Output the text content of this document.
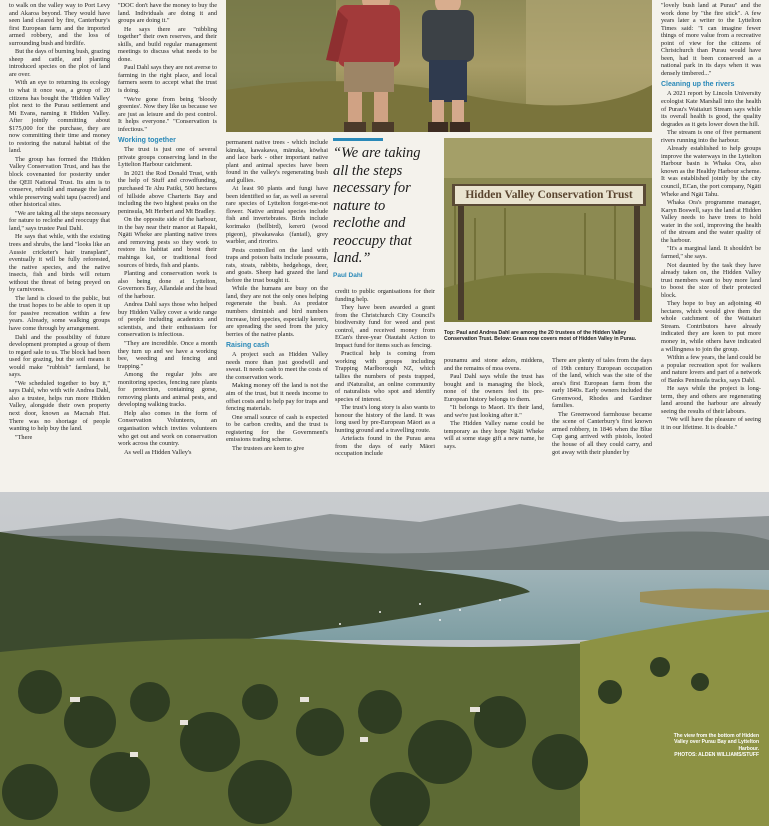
to walk on the valley way to Port Levy and Akaroa beyond. They would have seen land cleared by fire, Canterbury's first European farm and the imported armed robbery, and the loss of surrounding bush and birdlife.

But the days of burning bush, grazing sheep and cattle, and planting introduced species on the plot of land are over.

With an eye to returning its ecology to what it once was, a group of 20 citizens has bought the 'Hidden Valley' plot next to the Purau settlement and Mt Evans, naming it Hidden Valley. After jointly committing about $175,000 for the purchase, they are now committing their time and money to restoring the natural habitat of the land.

The group has formed the Hidden Valley Conservation Trust, and has the block covenanted for posterity under the QEII National Trust. Its aim is to conserve, rebuild and manage the land while preserving wahi tapu (sacred) and other historical sites.

"We are taking all the steps necessary for nature to reclothe and reoccupy that land," says trustee Paul Dahl.

He says that while, with the existing trees and shrubs, the land "looks like an Aussie cricketer's hair transplant", eventually it will be fully reforested, the native species, and the native insects, fish and birds will return without the threat of being preyed on by carnivores.

The land is closed to the public, but the trust hopes to be able to open it up for passive recreation within a few years. Already, some walking groups have come through by arrangement.

Dahl and the possibility of future development prompted a group of them to regard sale to us. The block had been used for grazing, but the soil means it would make "rubbish" farmland, he says.

"We scheduled together to buy it," says Dahl, who with wife Andrea Dahl, also a trustee, helps run more Hidden Valley, alongside their own property next door, known as Macnab Hut. There was no shortage of people wanting to help buy the land.

"There

"DOC don't have the money to buy the land. Individuals are doing it and groups are doing it."

He says there are "nibbling together" their own reserves, and their skills, and build regular management meetings to discuss what needs to be done.

Paul Dahl says they are not averse to farming in the right place, and local farmers seem to accept what the trust is doing.

"We're gone from being 'bloody greenies'. Now they like us because we are just as leisure and do pest control. It helps everyone." "Conservation is infectious."

Working together

The trust is just one of several private groups conserving land in the Lyttelton Harbour catchment.

In 2021 the Rod Donald Trust, with the help of Stuff and crowdfunding, purchased Te Ahu Patiki, 500 hectares of hillside above Charteris Bay and including the two highest peaks on the peninsula, Mt Herbert and Mt Bradley.

On the opposite side of the harbour, in the bay near their manor at Rapaki, Ngāti Wheke are planting native trees and removing pests so they work to restore its habitat and boost their mahinga kai, or traditional food sources of birds, fish and plants.

Planting and conservation work is also being done at Lyttelton, Governors Bay, Allandale and the head of the harbour.

Andrea Dahl says those who helped buy Hidden Valley cover a wide range of people including academics and scientists, and their enthusiasm for conservation is infectious.

"They are incredible. Once a month they turn up and we have a working bee, weeding and fencing and trapping."

Among the regular jobs are monitoring species, fencing rare plants for protection, containing gorse, removing plants and animal pests, and developing walking tracks.

Help also comes in the form of Conservation Volunteers, an organisation which invites volunteers who get out and work on conservation work across the country.

As well as Hidden Valley's

permanent native trees - which include kānuka, kawakawa, mānuka, kōwhai and lace bark - other important native plant and animal species have been found in the valley's regenerating bush and gullies.

At least 90 plants and fungi have been identified so far, as well as several rare species of Lyttelton forget-me-not flower. Native animal species include fish and invertebrates. Birds include korimako (bellbird), kererū (wood pigeon), pīwakawaka (fantail), grey warbler, and riroriro.

Pests controlled on the land with traps and poison baits include possums, rats, stoats, rabbits, hedgehogs, deer, and goats. Sheep had grazed the land before the trust bought it.

While the humans are busy on the land, they are not the only ones helping regenerate the bush. As predator numbers diminish and bird numbers increase, bird species, especially kererū, are spreading the seed from the juicy berries of the native plants.

Raising cash

A project such as Hidden Valley needs more than just goodwill and sweat. It needs cash to meet the costs of the conservation work.

Making money off the land is not the aim of the trust, but it needs income to offset costs and to help pay for traps and fencing materials.

One small source of cash is expected to be carbon credits, and the trust is registering for the Government's emissions trading scheme.

The trustees are keen to give

credit to public organisations for their funding help.

They have been awarded a grant from the Christchurch City Council's biodiversity fund for weed and pest control, and received money from ECan's three-year Ōtautahi Action to Impact fund for items such as fencing.

Practical help is coming from working with groups including Trapping Marlborough NZ, which tallies the numbers of pests trapped, and iNaturalist, an online community of naturalists who spot and identify species of interest.

The trust's long story is also wants to honour the history of the land. It was long used by pre-European Māori as a hunting ground and a travelling route.

Artefacts found in the Purau area from the days of early Māori occupation include

pounamu and stone adzes, middens, and the remains of moa ovens.

Paul Dahl says while the trust has bought and is managing the block, none of the owners feel its pre-European history belongs to them.

"It belongs to Maori. It's their land, and we're just looking after it."

The Hidden Valley name could be temporary as they hope Ngāti Wheke will at some stage gift a new name, he says.

There are plenty of tales from the days of 19th century European occupation of the land, which was the site of the area's first European farm from the early 1840s. Early owners included the Greenwood, Rhodes and Gardiner families.

The Greenwood farmhouse became the scene of Canterbury's first known armed robbery, in 1846 when the Blue Cap gang arrived with pistols, looted the house of all they could carry, and got away with their plunder by

"lovely bush land at Purau" and the work done by "the fire stick". A few years later a writer to the Lyttelton Times said: "I can imagine fewer things of more value from a recreative point of view for the citizens of Christchurch than Purau would have been, had it been conserved as a national park in its days when it was densely timbered..."

Cleaning up the rivers

A 2021 report by Lincoln University ecologist Kate Marshall into the health of Purau's Waitaiuri Stream says while its overall health is good, the quality degrades as it gets lower down the hill.

The stream is one of five permanent rivers running into the harbour.

Already established to help groups improve the waterways in the Lyttelton Harbour basin is Whaka Ora, also known as the Healthy Harbour scheme. It was established jointly by the city council, ECan, the port company, Ngāti Wheke and Ngāi Tahu.

Whaka Ora's programme manager, Karyn Boswell, says the land at Hidden Valley needs to have trees to hold water in the soil, improving the health of the stream and the water quality of the harbour.

"It's a marginal land. It shouldn't be farmed," she says.

Not daunted by the task they have already taken on, the Hidden Valley trust members want to buy more land to boost the size of their protected block.

They hope to buy an adjoining 40 hectares, which would give them the whole catchment of the Waitaiuri Stream. Contributors have already indicated they are keen to put more money in, while others have indicated a willingness to join the group.

Within a few years, the land could be a popular recreation spot for walkers and nature lovers and part of a network of Banks Peninsula tracks, says Dahl.

He says while the project is long-term, they and others are regenerating land around the harbour are already seeing the results of their labours.

"We will have the pleasure of seeing it in our lifetime. It is doable."

“We are taking all the steps necessary for nature to reclothe and reoccupy that land.”
Paul Dahl
Hidden Valley Conservation Trust
Top: Paul and Andrea Dahl are among the 20 trustees of the Hidden Valley Conservation Trust. Below: Grass now covers most of Hidden Valley in Purau.
The view from the bottom of Hidden Valley over Purau Bay and Lyttelton Harbour.
PHOTOS: ALDEN WILLIAMS/STUFF
